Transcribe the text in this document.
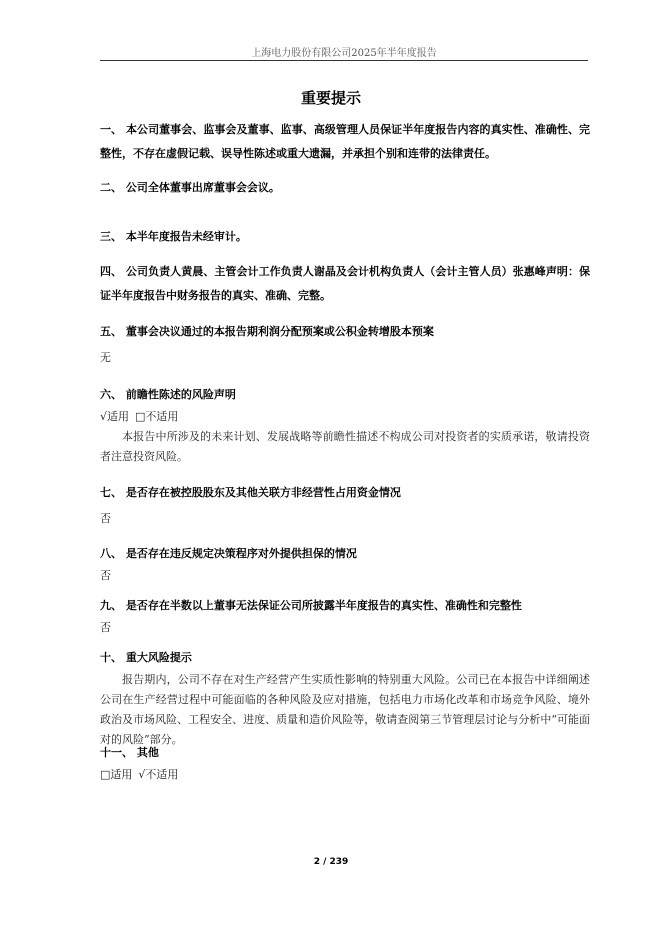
上海电力股份有限公司2025年半年度报告
重要提示
一、 本公司董事会、监事会及董事、监事、高级管理人员保证半年度报告内容的真实性、准确性、完整性，不存在虚假记载、误导性陈述或重大遗漏，并承担个别和连带的法律责任。
二、 公司全体董事出席董事会会议。
三、 本半年度报告未经审计。
四、 公司负责人黄晨、主管会计工作负责人谢晶及会计机构负责人（会计主管人员）张惠峰声明：保证半年度报告中财务报告的真实、准确、完整。
五、 董事会决议通过的本报告期利润分配预案或公积金转增股本预案
无
六、 前瞻性陈述的风险声明
√适用 □不适用
本报告中所涉及的未来计划、发展战略等前瞻性描述不构成公司对投资者的实质承诺，敬请投资者注意投资风险。
七、 是否存在被控股股东及其他关联方非经营性占用资金情况
否
八、 是否存在违反规定决策程序对外提供担保的情况
否
九、 是否存在半数以上董事无法保证公司所披露半年度报告的真实性、准确性和完整性
否
十、 重大风险提示
报告期内，公司不存在对生产经营产生实质性影响的特别重大风险。公司已在本报告中详细阐述公司在生产经营过程中可能面临的各种风险及应对措施，包括电力市场化改革和市场竞争风险、境外政治及市场风险、工程安全、进度、质量和造价风险等，敬请查阅第三节管理层讨论与分析中“可能面对的风险”部分。
十一、 其他
□适用 √不适用
2 / 239
